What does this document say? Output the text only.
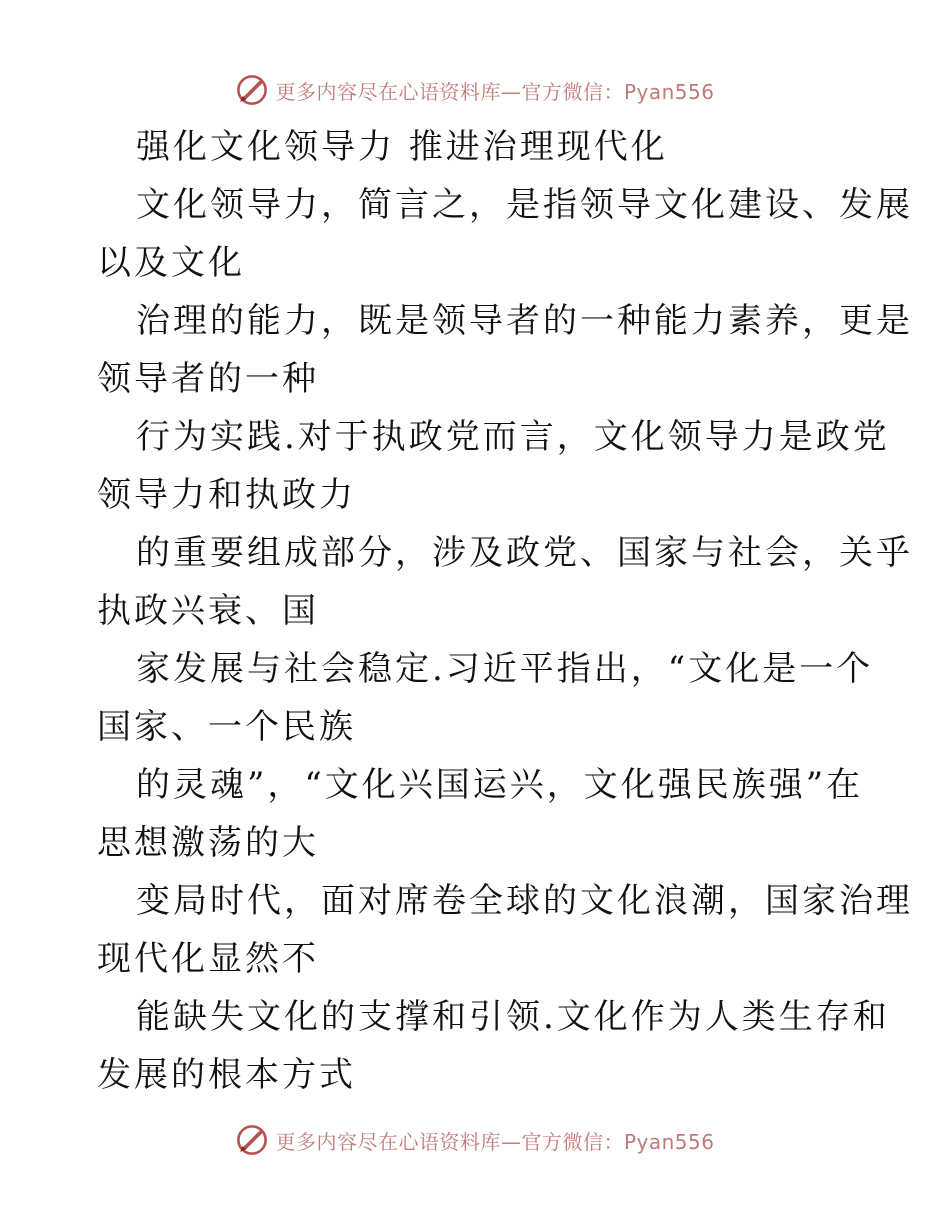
更多内容尽在心语资料库—官方微信：Pyan556
强化文化领导力 推进治理现代化
文化领导力，简言之，是指领导文化建设、发展
以及文化
治理的能力，既是领导者的一种能力素养，更是
领导者的一种
行为实践.对于执政党而言，文化领导力是政党
领导力和执政力
的重要组成部分，涉及政党、国家与社会，关乎
执政兴衰、国
家发展与社会稳定.习近平指出，“文化是一个
国家、一个民族
的灵魂”，“文化兴国运兴，文化强民族强”在
思想激荡的大
变局时代，面对席卷全球的文化浪潮，国家治理
现代化显然不
能缺失文化的支撑和引领.文化作为人类生存和
发展的根本方式
更多内容尽在心语资料库—官方微信：Pyan556
